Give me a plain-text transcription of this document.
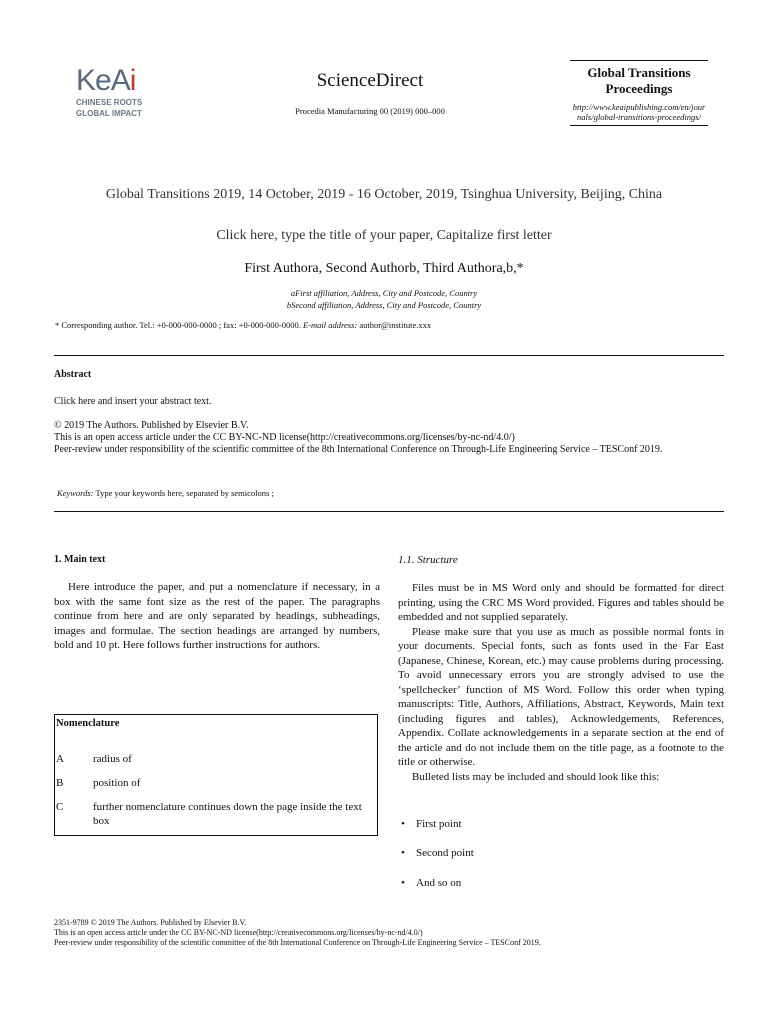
KeAi
CHINESE ROOTS
GLOBAL IMPACT
ScienceDirect
Procedia Manufacturing 00 (2019) 000–000
Global Transitions Proceedings
http://www.keaipublishing.com/en/journals/global-transitions-proceedings/
Global Transitions 2019, 14 October, 2019 - 16 October, 2019, Tsinghua University, Beijing, China
Click here, type the title of your paper, Capitalize first letter
First Authora, Second Authorb, Third Authora,b,*
aFirst affiliation, Address, City and Postcode, Country
bSecond affiliation, Address, City and Postcode, Country
* Corresponding author. Tel.: +0-000-000-0000 ; fax: +0-000-000-0000. E-mail address: author@institute.xxx
Abstract

Click here and insert your abstract text.

© 2019 The Authors. Published by Elsevier B.V.

This is an open access article under the CC BY-NC-ND license(http://creativecommons.org/licenses/by-nc-nd/4.0/)

Peer-review under responsibility of the scientific committee of the 8th International Conference on Through-Life Engineering Service – TESConf 2019.

Keywords: Type your keywords here, separated by semicolons ;

1. Main text

Here introduce the paper, and put a nomenclature if necessary, in a box with the same font size as the rest of the paper. The paragraphs continue from here and are only separated by headings, subheadings, images and formulae. The section headings are arranged by numbers, bold and 10 pt. Here follows further instructions for authors.

Nomenclature
A	radius of
B	position of
C	further nomenclature continues down the page inside the text box

1.1. Structure

Files must be in MS Word only and should be formatted for direct printing, using the CRC MS Word provided. Figures and tables should be embedded and not supplied separately.

Please make sure that you use as much as possible normal fonts in your documents. Special fonts, such as fonts used in the Far East (Japanese, Chinese, Korean, etc.) may cause problems during processing. To avoid unnecessary errors you are strongly advised to use the ‘spellchecker’ function of MS Word. Follow this order when typing manuscripts: Title, Authors, Affiliations, Abstract, Keywords, Main text (including figures and tables), Acknowledgements, References, Appendix. Collate acknowledgements in a separate section at the end of the article and do not include them on the title page, as a footnote to the title or otherwise.

Bulleted lists may be included and should look like this:

• First point
• Second point
• And so on

2351-9789 © 2019 The Authors. Published by Elsevier B.V.

This is an open access article under the CC BY-NC-ND license(http://creativecommons.org/licenses/by-nc-nd/4.0/)

Peer-review under responsibility of the scientific committee of the 8th International Conference on Through-Life Engineering Service – TESConf 2019.
